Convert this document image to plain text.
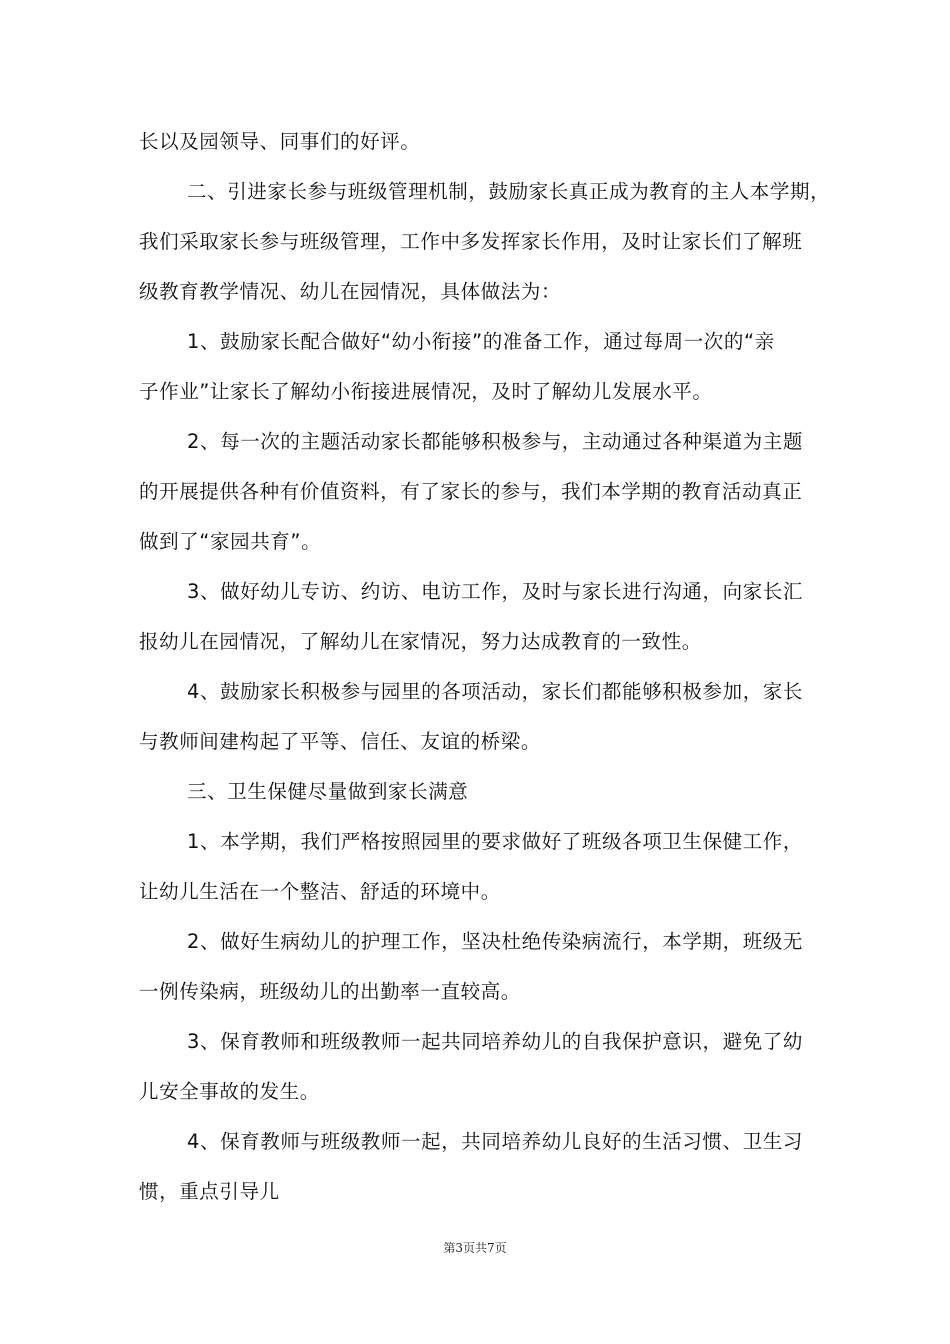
长以及园领导、同事们的好评。
二、引进家长参与班级管理机制，鼓励家长真正成为教育的主人本学期，
我们采取家长参与班级管理，工作中多发挥家长作用，及时让家长们了解班
级教育教学情况、幼儿在园情况，具体做法为：
1、鼓励家长配合做好“幼小衔接”的准备工作，通过每周一次的“亲
子作业”让家长了解幼小衔接进展情况，及时了解幼儿发展水平。
2、每一次的主题活动家长都能够积极参与，主动通过各种渠道为主题
的开展提供各种有价值资料，有了家长的参与，我们本学期的教育活动真正
做到了“家园共育”。
3、做好幼儿专访、约访、电访工作，及时与家长进行沟通，向家长汇
报幼儿在园情况，了解幼儿在家情况，努力达成教育的一致性。
4、鼓励家长积极参与园里的各项活动，家长们都能够积极参加，家长
与教师间建构起了平等、信任、友谊的桥梁。
三、卫生保健尽量做到家长满意
1、本学期，我们严格按照园里的要求做好了班级各项卫生保健工作，
让幼儿生活在一个整洁、舒适的环境中。
2、做好生病幼儿的护理工作，坚决杜绝传染病流行，本学期，班级无
一例传染病，班级幼儿的出勤率一直较高。
3、保育教师和班级教师一起共同培养幼儿的自我保护意识，避免了幼
儿安全事故的发生。
4、保育教师与班级教师一起，共同培养幼儿良好的生活习惯、卫生习
惯，重点引导儿
第3页共7页
